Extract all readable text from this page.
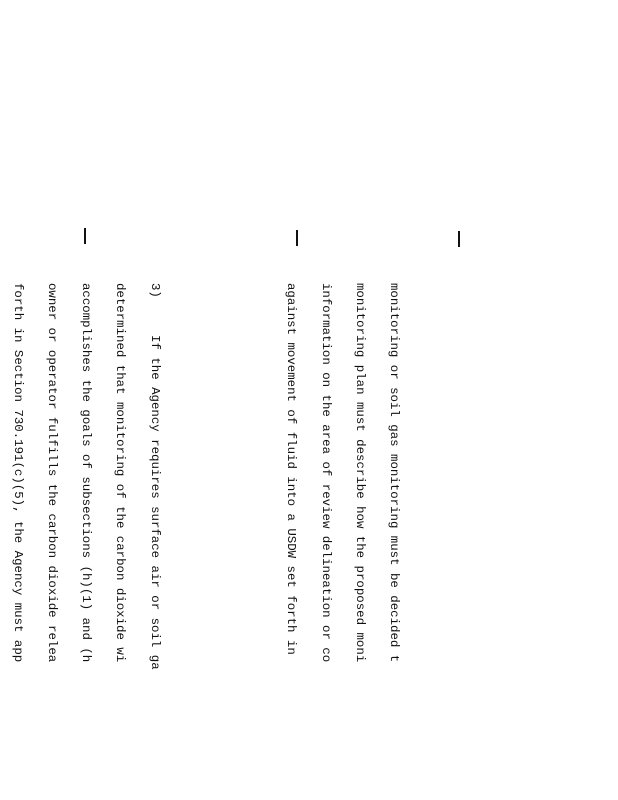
monitoring or soil gas monitoring must be decided t

monitoring plan must describe how the proposed moni

information on the area of review delineation or co

against movement of fluid into a USDW set forth in

3)     If the Agency requires surface air or soil ga

determined that monitoring of the carbon dioxide wi

accomplishes the goals of subsections (h)(1) and (h

owner or operator fulfills the carbon dioxide relea

forth in Section 730.191(c)(5), the Agency must app
